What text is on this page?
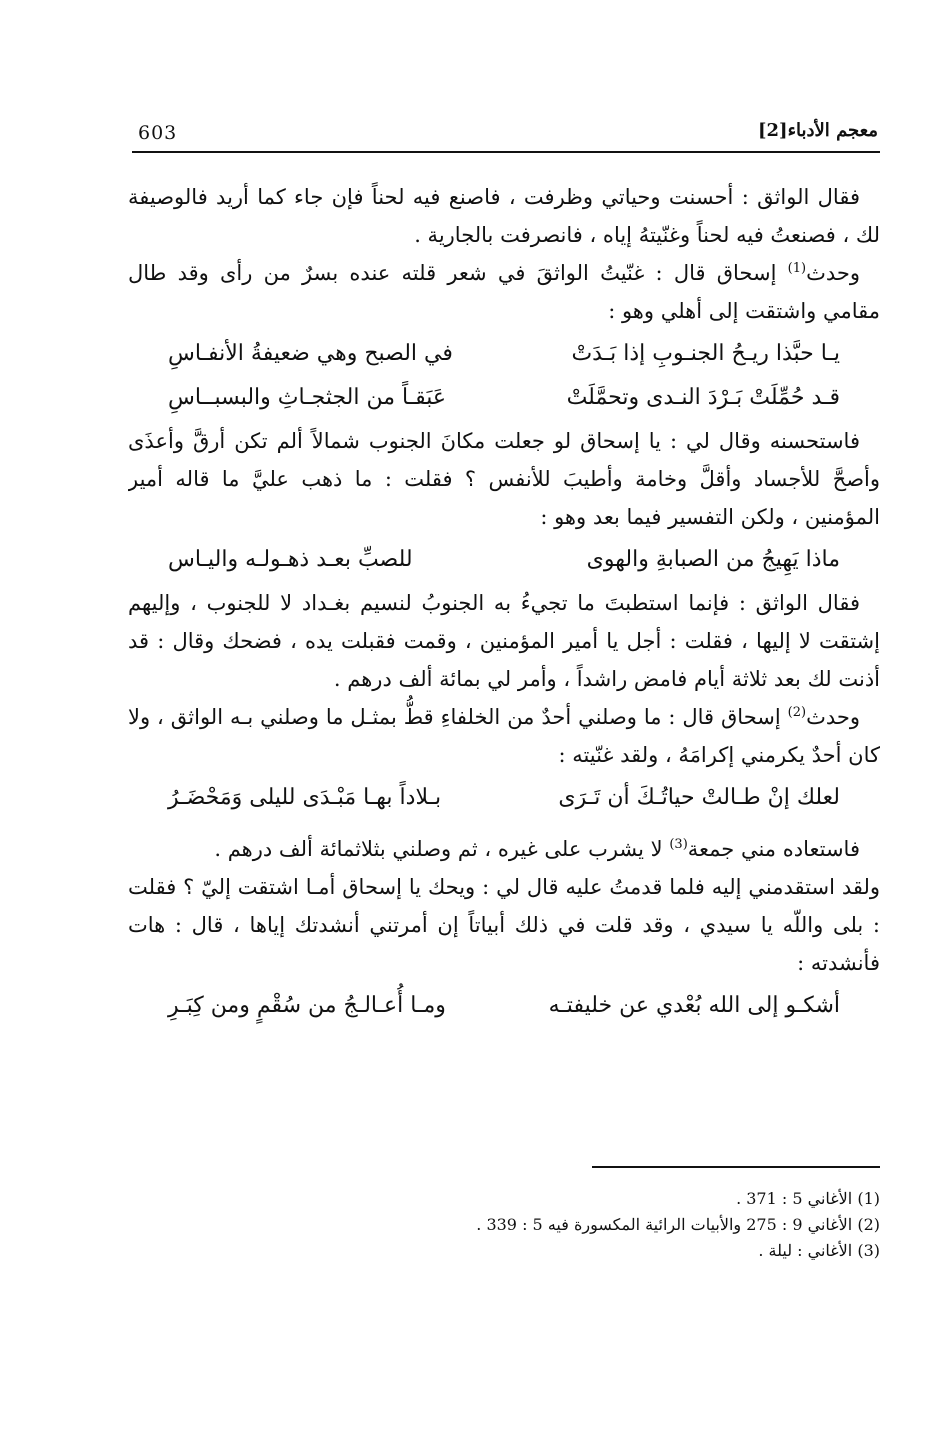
603	معجم الأدباء[2]

فقال الواثق : أحسنت وحياتي وظرفت ، فاصنع فيه لحناً فإن جاء كما أريد فالوصيفة لك ، فصنعتُ فيه لحناً وغنّيتهُ إياه ، فانصرفت بالجارية .

وحدث$^{(1)}$ إسحاق قال : غنّيتُ الواثقَ في شعر قلته عنده بسرٌ من رأى وقد طال مقامي واشتقت إلى أهلي وهو :

يـا حبَّذا ريـحُ الجنـوبِ إذا بَـدَتْ
في الصبح وهي ضعيفةُ الأنفـاسِ
قـد حُمِّلَتْ بَـرْدَ النـدى وتحمَّلَتْ
عَبَقـاً من الجثجـاثِ والبسبــاسِ

فاستحسنه وقال لي : يا إسحاق لو جعلت مكانَ الجنوب شمالاً ألم تكن أرقَّ وأعذَى وأصحَّ للأجساد وأقلَّ وخامة وأطيبَ للأنفس ؟ فقلت : ما ذهب عليَّ ما قاله أمير المؤمنين ، ولكن التفسير فيما بعد وهو :

ماذا يَهِيجُ من الصبابةِ والهوى
للصبِّ بعـد ذهـولـه واليـاس

فقال الواثق : فإنما استطبتَ ما تجيءُ به الجنوبُ لنسيم بغـداد لا للجنوب ، وإليهم إشتقت لا إليها ، فقلت : أجل يا أمير المؤمنين ، وقمت فقبلت يده ، فضحك وقال : قد أذنت لك بعد ثلاثة أيام فامض راشداً ، وأمر لي بمائة ألف درهم .

وحدث$^{(2)}$ إسحاق قال : ما وصلني أحدٌ من الخلفاءِ قطُّ بمثـل ما وصلني بـه الواثق ، ولا كان أحدٌ يكرمني إكرامَهُ ، ولقد غنّيته :

لعلك إنْ طـالتْ حياتُـكَ أن تَـرَى
بـلاداً بهـا مَبْـدَى لليلى وَمَحْضَـرُ

فاستعاده مني جمعة$^{(3)}$ لا يشرب على غيره ، ثم وصلني بثلاثمائة ألف درهم .

ولقد استقدمني إليه فلما قدمتُ عليه قال لي : ويحك يا إسحاق أمـا اشتقت إليّ ؟ فقلت : بلى واللّه يا سيدي ، وقد قلت في ذلك أبياتاً إن أمرتني أنشدتك إياها ، قال : هات فأنشدته :

أشكـو إلى الله بُعْدي عن خليفتـه
ومـا أُعـالـجُ من سُقْمٍ ومن كِبَـرِ

(1) الأغاني 5 : 371 .

(2) الأغاني 9 : 275 والأبيات الرائية المكسورة فيه 5 : 339 .

(3) الأغاني : ليلة .
